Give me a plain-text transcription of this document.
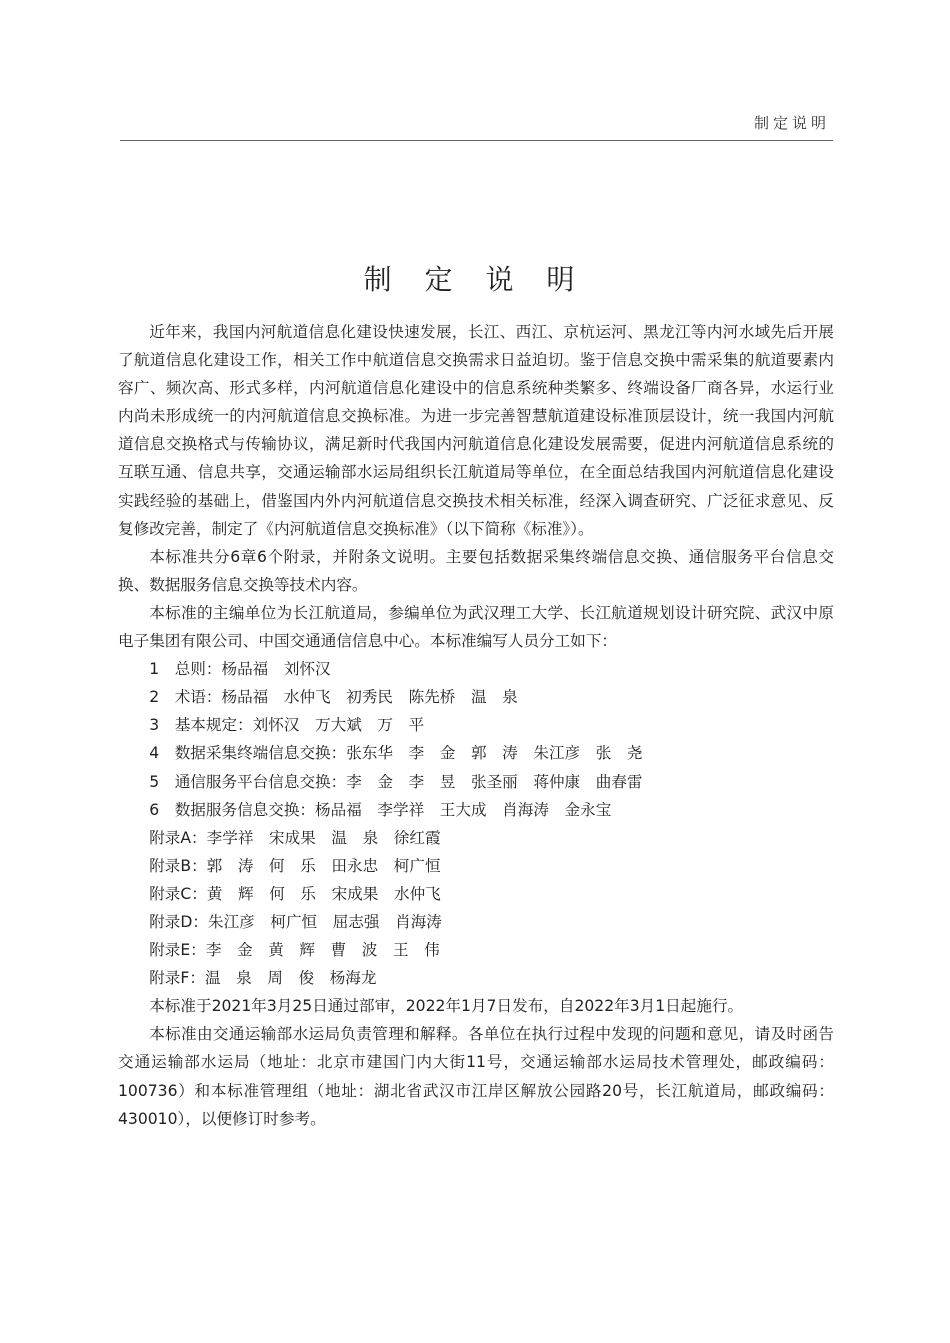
制定说明
制 定 说 明

近年来，我国内河航道信息化建设快速发展，长江、西江、京杭运河、黑龙江等内河水域先后开展了航道信息化建设工作，相关工作中航道信息交换需求日益迫切。鉴于信息交换中需采集的航道要素内容广、频次高、形式多样，内河航道信息化建设中的信息系统种类繁多、终端设备厂商各异，水运行业内尚未形成统一的内河航道信息交换标准。为进一步完善智慧航道建设标准顶层设计，统一我国内河航道信息交换格式与传输协议，满足新时代我国内河航道信息化建设发展需要，促进内河航道信息系统的互联互通、信息共享，交通运输部水运局组织长江航道局等单位，在全面总结我国内河航道信息化建设实践经验的基础上，借鉴国内外内河航道信息交换技术相关标准，经深入调查研究、广泛征求意见、反复修改完善，制定了《内河航道信息交换标准》（以下简称《标准》）。

本标准共分6章6个附录，并附条文说明。主要包括数据采集终端信息交换、通信服务平台信息交换、数据服务信息交换等技术内容。

本标准的主编单位为长江航道局，参编单位为武汉理工大学、长江航道规划设计研究院、武汉中原电子集团有限公司、中国交通通信信息中心。本标准编写人员分工如下：

1　总则：杨品福　刘怀汉
2　术语：杨品福　水仲飞　初秀民　陈先桥　温　泉
3　基本规定：刘怀汉　万大斌　万　平
4　数据采集终端信息交换：张东华　李　金　郭　涛　朱江彦　张　尧
5　通信服务平台信息交换：李　金　李　昱　张圣丽　蒋仲康　曲春雷
6　数据服务信息交换：杨品福　李学祥　王大成　肖海涛　金永宝
附录A：李学祥　宋成果　温　泉　徐红霞
附录B：郭　涛　何　乐　田永忠　柯广恒
附录C：黄　辉　何　乐　宋成果　水仲飞
附录D：朱江彦　柯广恒　屈志强　肖海涛
附录E：李　金　黄　辉　曹　波　王　伟
附录F：温　泉　周　俊　杨海龙

本标准于2021年3月25日通过部审，2022年1月7日发布，自2022年3月1日起施行。

本标准由交通运输部水运局负责管理和解释。各单位在执行过程中发现的问题和意见，请及时函告交通运输部水运局（地址：北京市建国门内大街11号，交通运输部水运局技术管理处，邮政编码：100736）和本标准管理组（地址：湖北省武汉市江岸区解放公园路20号，长江航道局，邮政编码：430010），以便修订时参考。
